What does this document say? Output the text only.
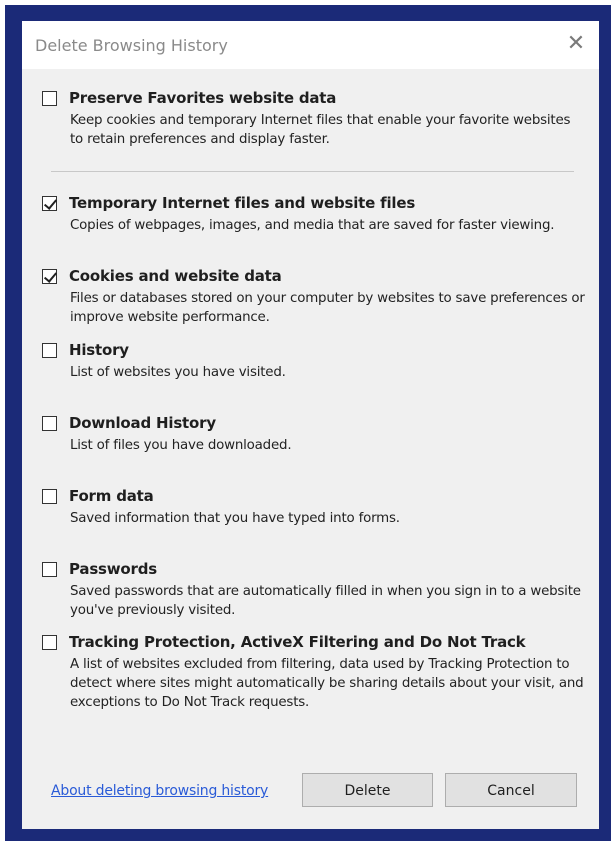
Delete Browsing History	✕
Preserve Favorites website data
Keep cookies and temporary Internet files that enable your favorite websites to retain preferences and display faster.
Temporary Internet files and website files
Copies of webpages, images, and media that are saved for faster viewing.
Cookies and website data
Files or databases stored on your computer by websites to save preferences or improve website performance.
History
List of websites you have visited.
Download History
List of files you have downloaded.
Form data
Saved information that you have typed into forms.
Passwords
Saved passwords that are automatically filled in when you sign in to a website you've previously visited.
Tracking Protection, ActiveX Filtering and Do Not Track
A list of websites excluded from filtering, data used by Tracking Protection to detect where sites might automatically be sharing details about your visit, and exceptions to Do Not Track requests.
About deleting browsing history	Delete	Cancel
